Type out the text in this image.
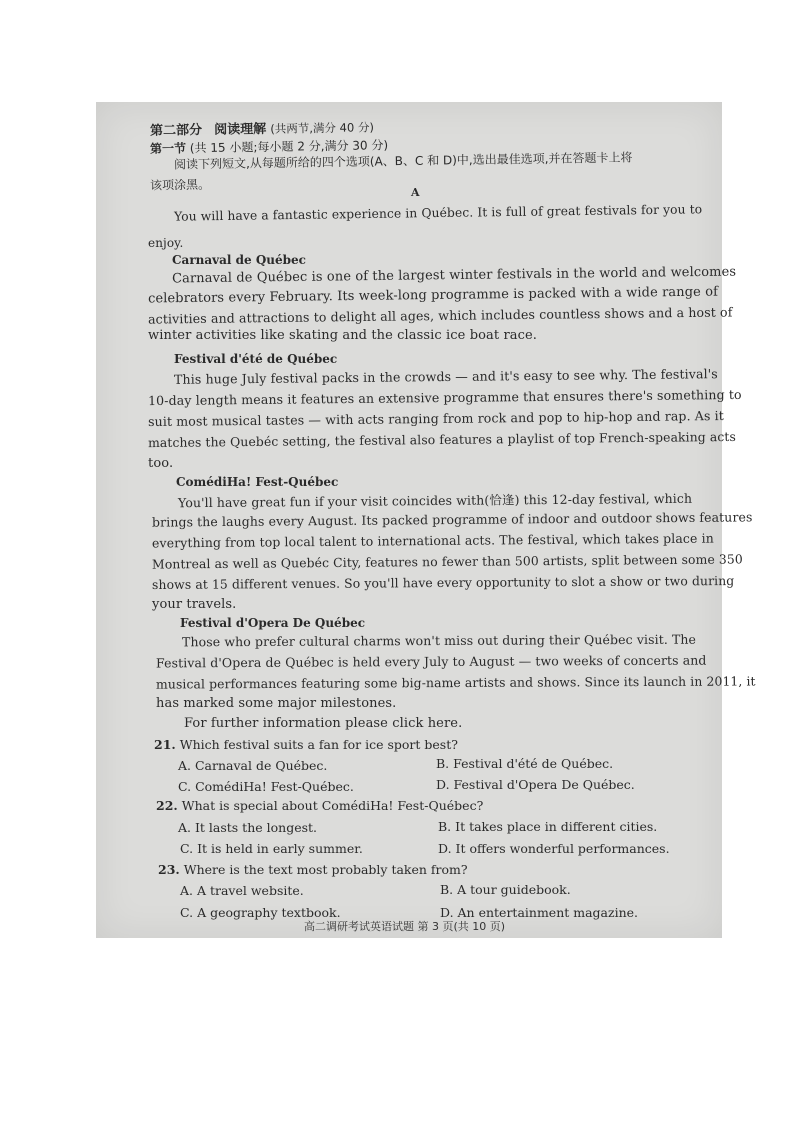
第二部分 阅读理解 (共两节,满分 40 分)
第一节 (共 15 小题;每小题 2 分,满分 30 分)
阅读下列短文,从每题所给的四个选项(A、B、C 和 D)中,选出最佳选项,并在答题卡上将
该项涂黑。
A
You will have a fantastic experience in Québec. It is full of great festivals for you to
enjoy.
Carnaval de Québec
Carnaval de Québec is one of the largest winter festivals in the world and welcomes
celebrators every February. Its week-long programme is packed with a wide range of
activities and attractions to delight all ages, which includes countless shows and a host of
winter activities like skating and the classic ice boat race.
Festival d'été de Québec
This huge July festival packs in the crowds — and it's easy to see why. The festival's
10-day length means it features an extensive programme that ensures there's something to
suit most musical tastes — with acts ranging from rock and pop to hip-hop and rap. As it
matches the Quebéc setting, the festival also features a playlist of top French-speaking acts
too.
ComédiHa! Fest-Québec
You'll have great fun if your visit coincides with(恰逢) this 12-day festival, which
brings the laughs every August. Its packed programme of indoor and outdoor shows features
everything from top local talent to international acts. The festival, which takes place in
Montreal as well as Quebéc City, features no fewer than 500 artists, split between some 350
shows at 15 different venues. So you'll have every opportunity to slot a show or two during
your travels.
Festival d'Opera De Québec
Those who prefer cultural charms won't miss out during their Québec visit. The
Festival d'Opera de Québec is held every July to August — two weeks of concerts and
musical performances featuring some big-name artists and shows. Since its launch in 2011, it
has marked some major milestones.
For further information please click here.
21. Which festival suits a fan for ice sport best?
A. Carnaval de Québec.	B. Festival d'été de Québec.
C. ComédiHa! Fest-Québec.	D. Festival d'Opera De Québec.
22. What is special about ComédiHa! Fest-Québec?
A. It lasts the longest.	B. It takes place in different cities.
C. It is held in early summer.	D. It offers wonderful performances.
23. Where is the text most probably taken from?
A. A travel website.	B. A tour guidebook.
C. A geography textbook.	D. An entertainment magazine.
高二调研考试英语试题 第 3 页(共 10 页)
